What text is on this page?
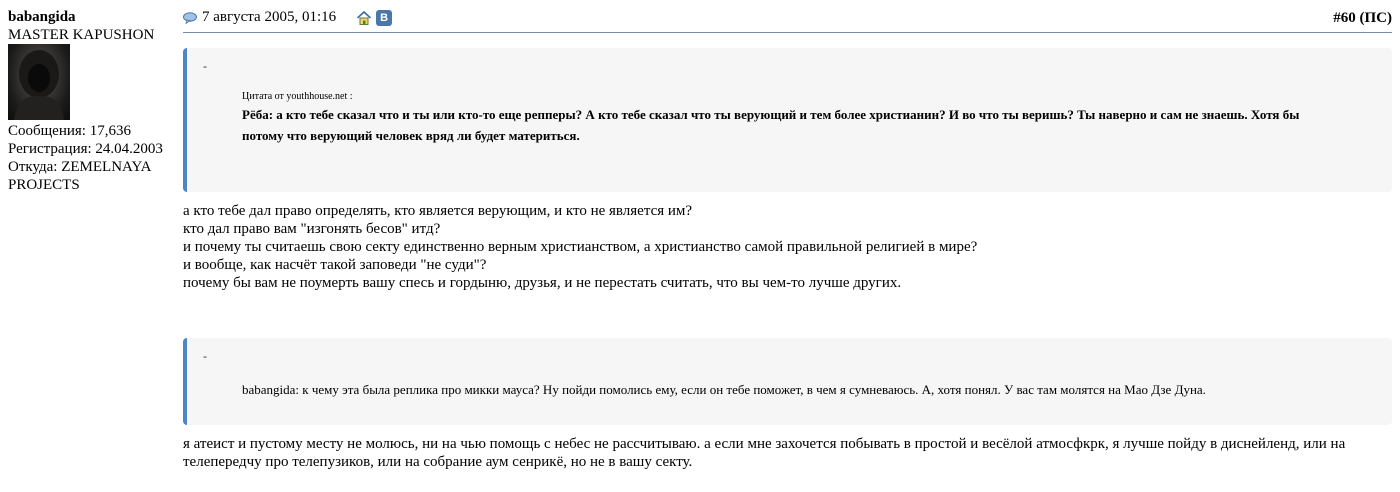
babangida
MASTER KAPUSHON
Сообщения: 17,636
Регистрация: 24.04.2003
Откуда: ZEMELNAYA PROJECTS
7 августа 2005, 01:16	В	#60 (ПС)
-
Цитата от youthhouse.net :
Рёба: а кто тебе сказал что и ты или кто-то еще репперы? А кто тебе сказал что ты верующий и тем более христианин? И во что ты веришь? Ты наверно и сам не знаешь. Хотя бы потому что верующий человек вряд ли будет материться.
а кто тебе дал право определять, кто является верующим, и кто не является им?
кто дал право вам "изгонять бесов" итд?
и почему ты считаешь свою секту единственно верным христианством, а христианство самой правильной религией в мире?
и вообще, как насчёт такой заповеди "не суди"?
почему бы вам не поумерть вашу спесь и гордыню, друзья, и не перестать считать, что вы чем-то лучше других.
-
babangida: к чему эта была реплика про микки мауса? Ну пойди помолись ему, если он тебе поможет, в чем я сумневаюсь. А, хотя понял. У вас там молятся на Мао Дзе Дуна.
я атеист и пустому месту не молюсь, ни на чью помощь с небес не рассчитываю. а если мне захочется побывать в простой и весёлой атмосфкрк, я лучше пойду в диснейленд, или на телепередчу про телепузиков, или на собрание аум сенрикё, но не в вашу секту.
